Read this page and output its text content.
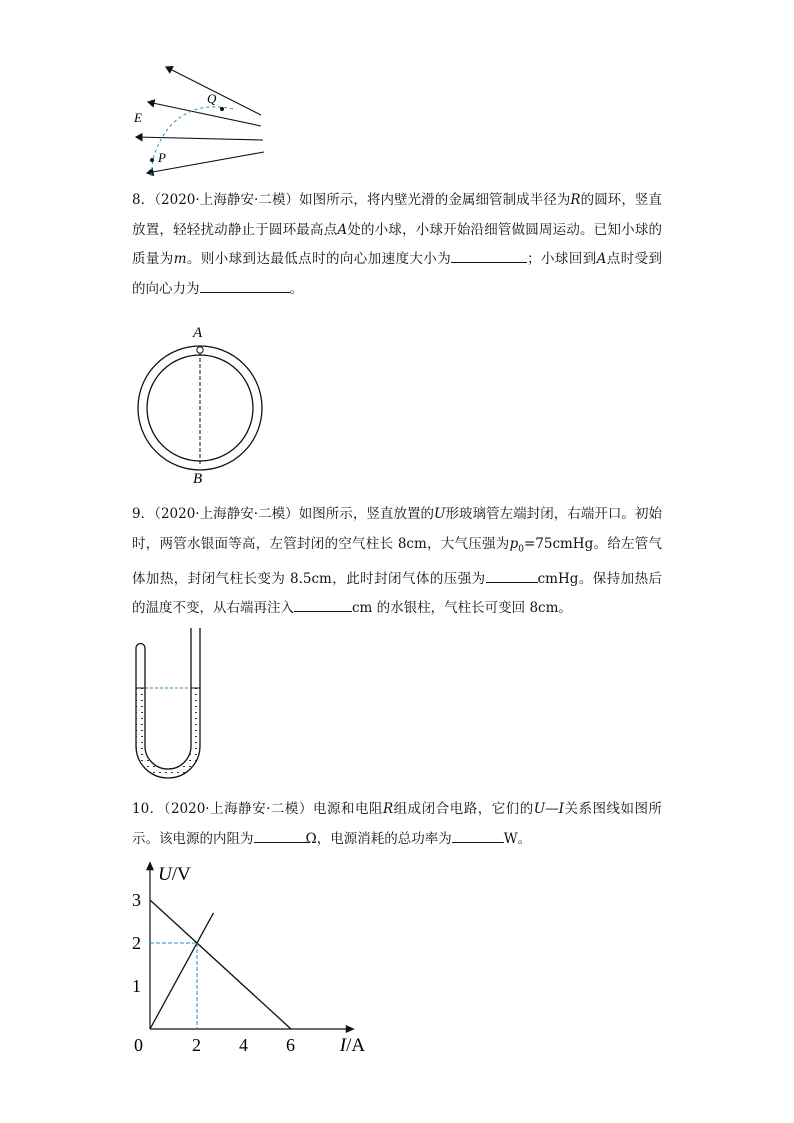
Q
E
P
8．（2020·上海静安·二模）如图所示，将内壁光滑的金属细管制成半径为R的圆环，竖直放置，轻轻扰动静止于圆环最高点A处的小球，小球开始沿细管做圆周运动。已知小球的质量为m。则小球到达最低点时的向心加速度大小为	；小球回到A点时受到的向心力为	。
A
B
9．（2020·上海静安·二模）如图所示，竖直放置的U形玻璃管左端封闭，右端开口。初始时，两管水银面等高，左管封闭的空气柱长 8cm，大气压强为$p_0=75cmHg$。给左管气体加热，封闭气柱长变为 8.5cm，此时封闭气体的压强为	cmHg。保持加热后的温度不变，从右端再注入	cm 的水银柱，气柱长可变回 8cm。
10．（2020·上海静安·二模）电源和电阻R组成闭合电路，它们的U—I关系图线如图所示。该电源的内阻为	Ω，电源消耗的总功率为	W。
U/V
I/A
0	2 4 6
1
2
3
